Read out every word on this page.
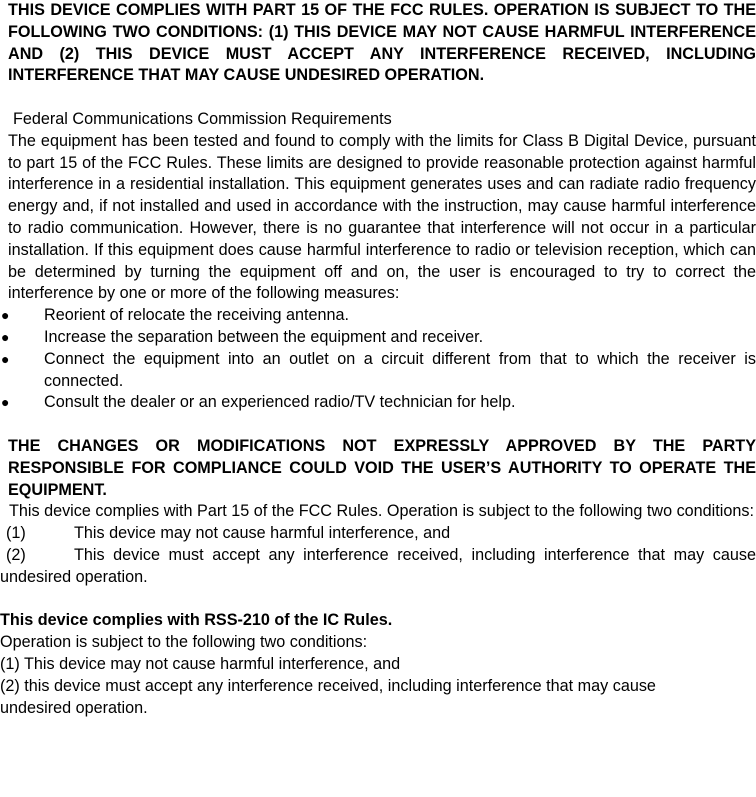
THIS DEVICE COMPLIES WITH PART 15 OF THE FCC RULES. OPERATION IS SUBJECT TO THE FOLLOWING TWO CONDITIONS: (1) THIS DEVICE MAY NOT CAUSE HARMFUL INTERFERENCE AND (2) THIS DEVICE MUST ACCEPT ANY INTERFERENCE RECEIVED, INCLUDING INTERFERENCE THAT MAY CAUSE UNDESIRED OPERATION.

Federal Communications Commission Requirements

The equipment has been tested and found to comply with the limits for Class B Digital Device, pursuant to part 15 of the FCC Rules. These limits are designed to provide reasonable protection against harmful interference in a residential installation. This equipment generates uses and can radiate radio frequency energy and, if not installed and used in accordance with the instruction, may cause harmful interference to radio communication. However, there is no guarantee that interference will not occur in a particular installation. If this equipment does cause harmful interference to radio or television reception, which can be determined by turning the equipment off and on, the user is encouraged to try to correct the interference by one or more of the following measures:

● Reorient of relocate the receiving antenna.

● Increase the separation between the equipment and receiver.

● Connect the equipment into an outlet on a circuit different from that to which the receiver is connected.

● Consult the dealer or an experienced radio/TV technician for help.

THE CHANGES OR MODIFICATIONS NOT EXPRESSLY APPROVED BY THE PARTY RESPONSIBLE FOR COMPLIANCE COULD VOID THE USER’S AUTHORITY TO OPERATE THE EQUIPMENT.

This device complies with Part 15 of the FCC Rules. Operation is subject to the following two conditions:

(1)	This device may not cause harmful interference, and

(2)	This device must accept any interference received, including interference that may cause undesired operation.

This device complies with RSS-210 of the IC Rules.

Operation is subject to the following two conditions:

(1) This device may not cause harmful interference, and

(2) this device must accept any interference received, including interference that may cause undesired operation.
